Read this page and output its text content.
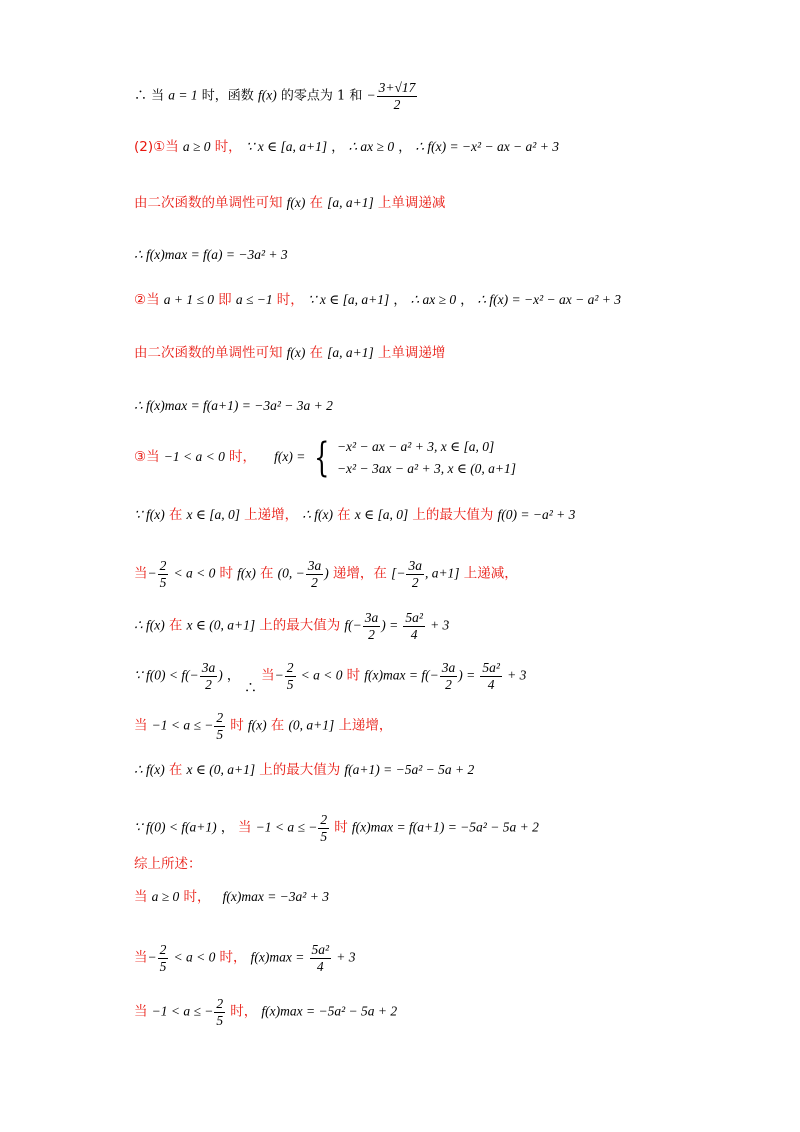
∴ 当 a = 1 时，函数 f(x) 的零点为 1 和 − $\frac{3+√17}{2}$
(2)①当 a ≥ 0 时， ∵ x ∈ [a, a+1] ， ∴ ax ≥ 0 ， ∴ f(x) = −x² − ax − a² + 3
由二次函数的单调性可知 f(x) 在 [a, a+1] 上单调递减
∴ f(x)max = f(a) = −3a² + 3
②当 a + 1 ≤ 0 即 a ≤ −1 时， ∵ x ∈ [a, a+1] ， ∴ ax ≥ 0 ， ∴ f(x) = −x² − ax − a² + 3
由二次函数的单调性可知 f(x) 在 [a, a+1] 上单调递增
∴ f(x)max = f(a+1) = −3a² − 3a + 2
③当 −1 < a < 0 时， f(x) = { −x² − ax − a² + 3, x ∈ [a, 0]
−x² − 3ax − a² + 3, x ∈ (0, a+1]
∵ f(x) 在 x ∈ [a, 0] 上递增， ∴ f(x) 在 x ∈ [a, 0] 上的最大值为 f(0) = −a² + 3
当− $\frac{2}{5} < a < 0$ 时 f(x) 在 (0, − $\frac{3a}{2}$ ) 递增，在 [− $\frac{3a}{2}$ , a+1] 上递减，
∴ f(x) 在 x ∈ (0, a+1] 上的最大值为 $f(- \frac{3a}{2}$ ) = $\frac{\text{5a²}}{4} + 3$
∵ $f(0) < f(- \frac{3a}{2}$ ) ， ∴ 当− $\frac{2}{5} < a < 0$ 时 $f(x)\max = f(- \frac{3a}{2}$ ) = $\frac{\text{5a²}}{4} + 3$
当 −1 < a ≤ − $\frac{2}{5}$ 时 f(x) 在 (0, a+1] 上递增，
∴ f(x) 在 x ∈ (0, a+1] 上的最大值为 f(a+1) = −5a² − 5a + 2
∵ f(0) < f(a+1) ， 当 −1 < a ≤ − $\frac{2}{5}$ 时 f(x)max = f(a+1) = −5a² − 5a + 2
综上所述：
当 a ≥ 0 时， f(x)max = −3a² + 3
当− $\frac{2}{5} < a < 0$ 时， $f(x)\max = \frac{\text{5a²}}{4} + 3$
当 −1 < a ≤ − $\frac{2}{5}$ 时， f(x)max = −5a² − 5a + 2
